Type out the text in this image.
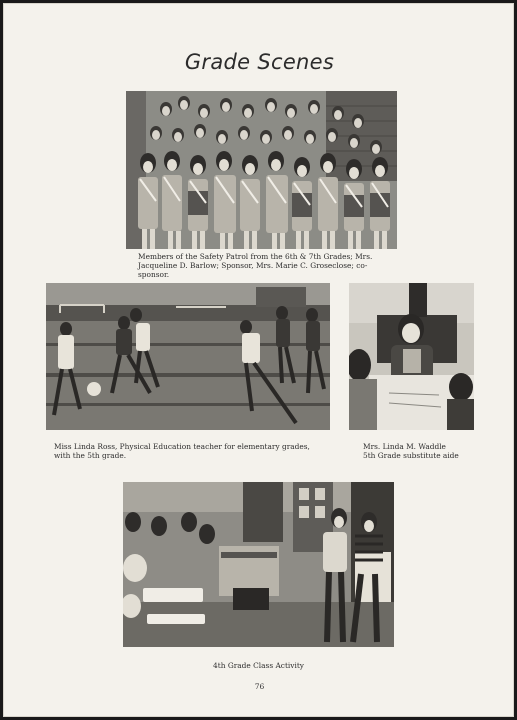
Grade Scenes
Members of the Safety Patrol from the 6th & 7th Grades; Mrs. Jacqueline D. Barlow; Sponsor, Mrs. Marie C. Groseclose; co-sponsor.
Miss Linda Ross, Physical Education teacher for elementary grades, with the 5th grade.
Mrs. Linda M. Waddle
5th Grade substitute aide
4th Grade Class Activity
76
